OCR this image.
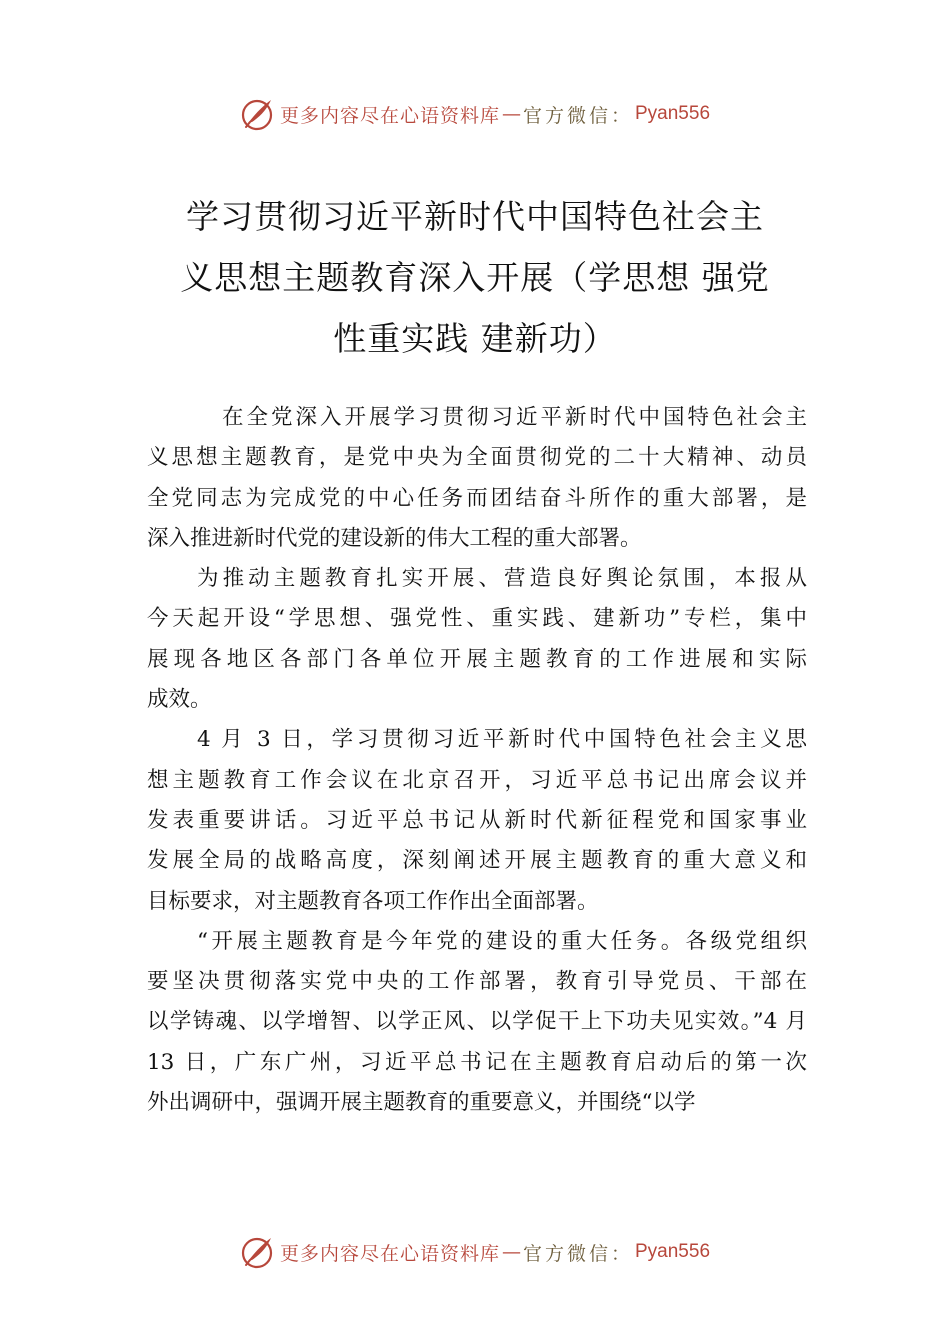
更多内容尽在心语资料库 — 官方微信： Pyan556
学习贯彻习近平新时代中国特色社会主
义思想主题教育深入开展（学思想 强党
性重实践 建新功）
在全党深入开展学习贯彻习近平新时代中国特色社会主
义思想主题教育，是党中央为全面贯彻党的二十大精神、动员
全党同志为完成党的中心任务而团结奋斗所作的重大部署，是
深入推进新时代党的建设新的伟大工程的重大部署。
为推动主题教育扎实开展、营造良好舆论氛围，本报从
今天起开设“学思想、强党性、重实践、建新功”专栏，集中
展现各地区各部门各单位开展主题教育的工作进展和实际
成效。
4 月 3 日，学习贯彻习近平新时代中国特色社会主义思
想主题教育工作会议在北京召开，习近平总书记出席会议并
发表重要讲话。习近平总书记从新时代新征程党和国家事业
发展全局的战略高度，深刻阐述开展主题教育的重大意义和
目标要求，对主题教育各项工作作出全面部署。
“开展主题教育是今年党的建设的重大任务。各级党组织
要坚决贯彻落实党中央的工作部署，教育引导党员、干部在
以学铸魂、以学增智、以学正风、以学促干上下功夫见实效。”4 月
13 日，广东广州，习近平总书记在主题教育启动后的第一次
外出调研中，强调开展主题教育的重要意义，并围绕“以学
更多内容尽在心语资料库 — 官方微信： Pyan556
